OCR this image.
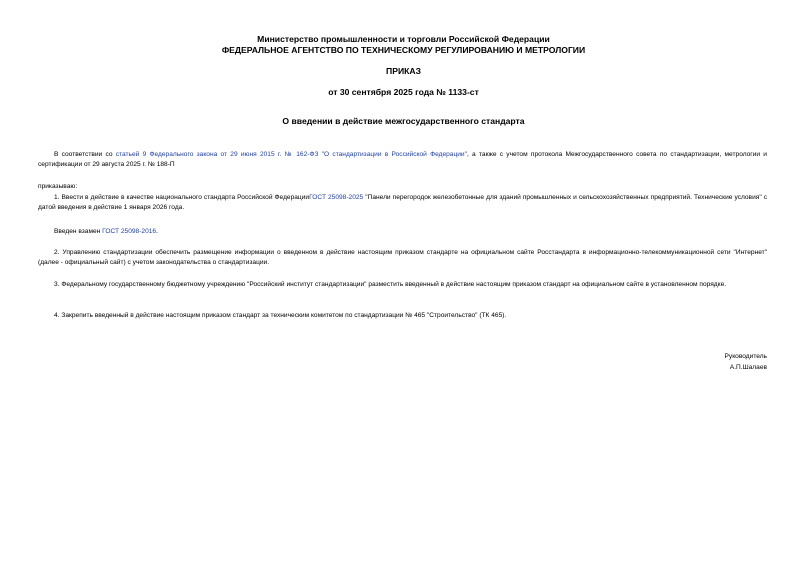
Министерство промышленности и торговли Российской Федерации
ФЕДЕРАЛЬНОЕ АГЕНТСТВО ПО ТЕХНИЧЕСКОМУ РЕГУЛИРОВАНИЮ И МЕТРОЛОГИИ
ПРИКАЗ
от 30 сентября 2025 года № 1133-ст
О введении в действие межгосударственного стандарта

В соответствии со статьей 9 Федерального закона от 29 июня 2015 г. № 162-ФЗ "О стандартизации в Российской Федерации", а также с учетом протокола Межгосударственного совета по стандартизации, метрологии и сертификации от 29 августа 2025 г. № 188-П

приказываю:

1. Ввести в действие в качестве национального стандарта Российской ФедерацииГОСТ 25098-2025 "Панели перегородок железобетонные для зданий промышленных и сельскохозяйственных предприятий. Технические условия" с датой введения в действие 1 января 2026 года.

Введен взамен ГОСТ 25098-2016.

2. Управлению стандартизации обеспечить размещение информации о введенном в действие настоящим приказом стандарте на официальном сайте Росстандарта в информационно-телекоммуникационной сети "Интернет" (далее - официальный сайт) с учетом законодательства о стандартизации.

3. Федеральному государственному бюджетному учреждению "Российский институт стандартизации" разместить введенный в действие настоящим приказом стандарт на официальном сайте в установленном порядке.

4. Закрепить введенный в действие настоящим приказом стандарт за техническим комитетом по стандартизации № 465 "Строительство" (ТК 465).

Руководитель
А.П.Шалаев
